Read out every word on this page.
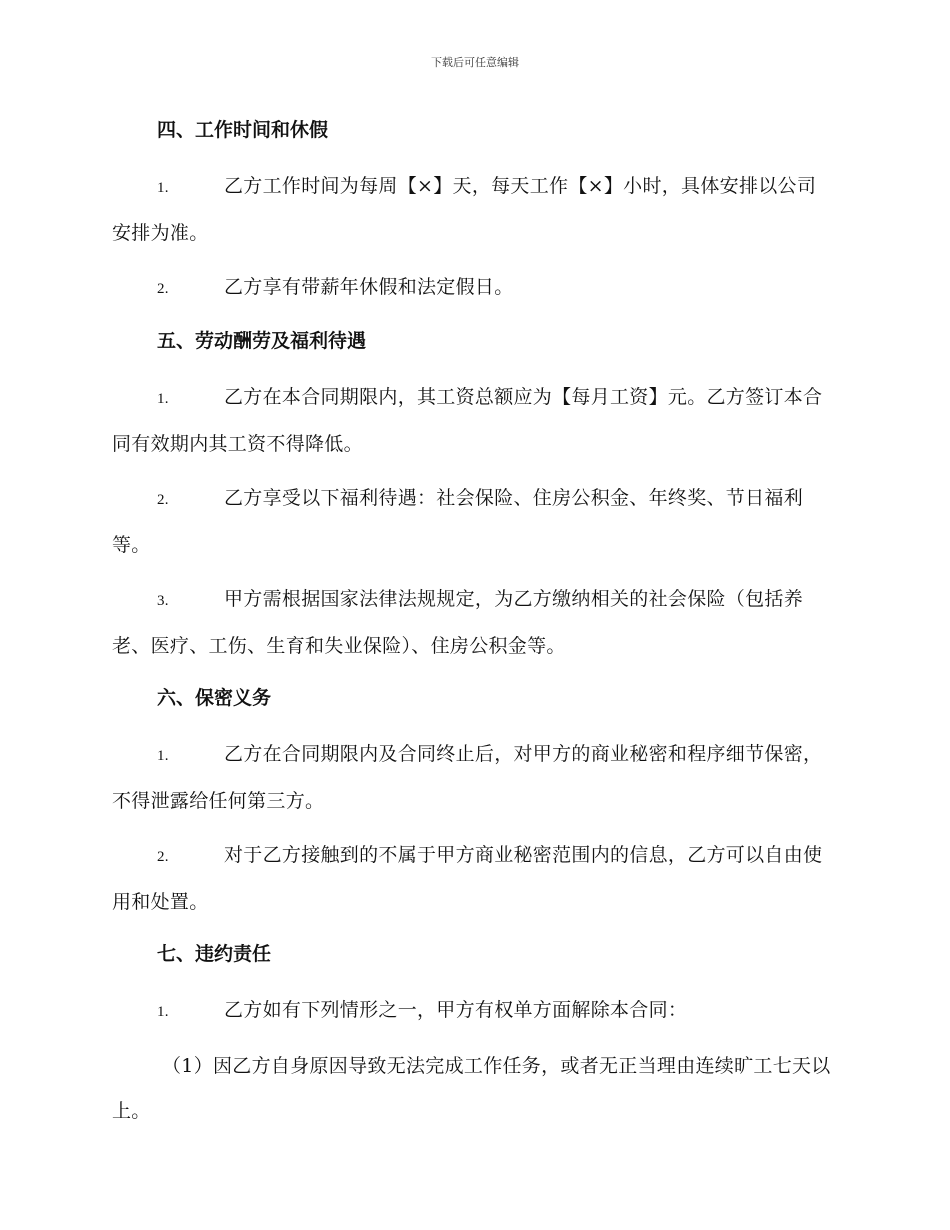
下载后可任意编辑
四、工作时间和休假
1.	乙方工作时间为每周【×】天，每天工作【×】小时，具体安排以公司安排为准。
2.	乙方享有带薪年休假和法定假日。
五、劳动酬劳及福利待遇
1.	乙方在本合同期限内，其工资总额应为【每月工资】元。乙方签订本合同有效期内其工资不得降低。
2.	乙方享受以下福利待遇：社会保险、住房公积金、年终奖、节日福利等。
3.	甲方需根据国家法律法规规定，为乙方缴纳相关的社会保险（包括养老、医疗、工伤、生育和失业保险）、住房公积金等。
六、保密义务
1.	乙方在合同期限内及合同终止后，对甲方的商业秘密和程序细节保密，不得泄露给任何第三方。
2.	对于乙方接触到的不属于甲方商业秘密范围内的信息，乙方可以自由使用和处置。
七、违约责任
1.	乙方如有下列情形之一，甲方有权单方面解除本合同：
（1）因乙方自身原因导致无法完成工作任务，或者无正当理由连续旷工七天以上。
